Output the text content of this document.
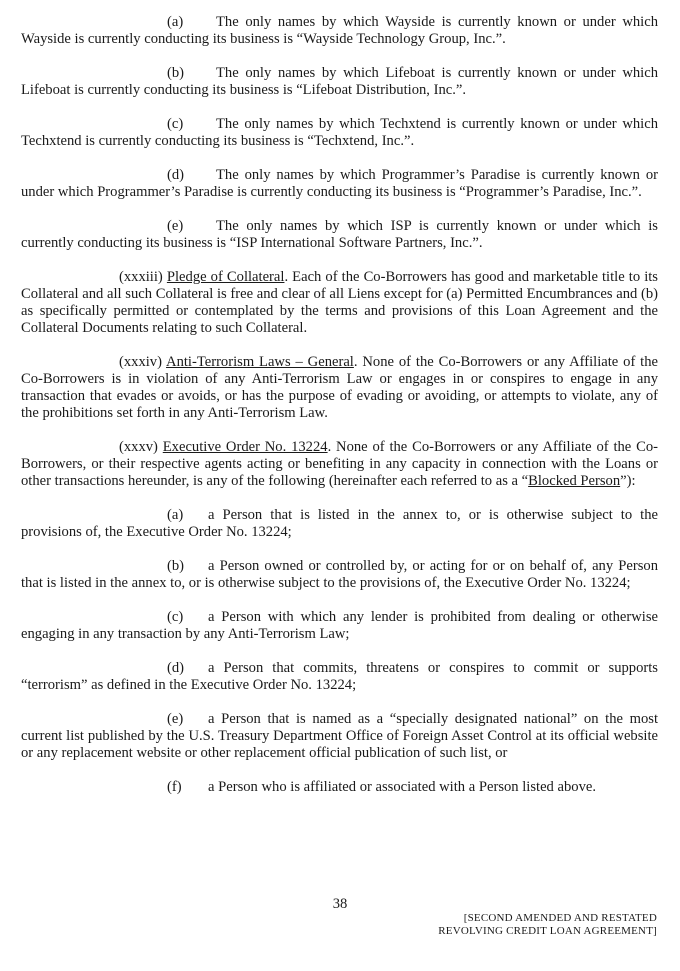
(a) The only names by which Wayside is currently known or under which Wayside is currently conducting its business is “Wayside Technology Group, Inc.”.

(b) The only names by which Lifeboat is currently known or under which Lifeboat is currently conducting its business is “Lifeboat Distribution, Inc.”.

(c) The only names by which Techxtend is currently known or under which Techxtend is currently conducting its business is “Techxtend, Inc.”.

(d) The only names by which Programmer’s Paradise is currently known or under which Programmer’s Paradise is currently conducting its business is “Programmer’s Paradise, Inc.”.

(e) The only names by which ISP is currently known or under which is currently conducting its business is “ISP International Software Partners, Inc.”.

(xxxiii) Pledge of Collateral. Each of the Co-Borrowers has good and marketable title to its Collateral and all such Collateral is free and clear of all Liens except for (a) Permitted Encumbrances and (b) as specifically permitted or contemplated by the terms and provisions of this Loan Agreement and the Collateral Documents relating to such Collateral.

(xxxiv) Anti-Terrorism Laws – General. None of the Co-Borrowers or any Affiliate of the Co-Borrowers is in violation of any Anti-Terrorism Law or engages in or conspires to engage in any transaction that evades or avoids, or has the purpose of evading or avoiding, or attempts to violate, any of the prohibitions set forth in any Anti-Terrorism Law.

(xxxv) Executive Order No. 13224. None of the Co-Borrowers or any Affiliate of the Co-Borrowers, or their respective agents acting or benefiting in any capacity in connection with the Loans or other transactions hereunder, is any of the following (hereinafter each referred to as a “Blocked Person”):

(a) a Person that is listed in the annex to, or is otherwise subject to the provisions of, the Executive Order No. 13224;

(b) a Person owned or controlled by, or acting for or on behalf of, any Person that is listed in the annex to, or is otherwise subject to the provisions of, the Executive Order No. 13224;

(c) a Person with which any lender is prohibited from dealing or otherwise engaging in any transaction by any Anti-Terrorism Law;

(d) a Person that commits, threatens or conspires to commit or supports “terrorism” as defined in the Executive Order No. 13224;

(e) a Person that is named as a “specially designated national” on the most current list published by the U.S. Treasury Department Office of Foreign Asset Control at its official website or any replacement website or other replacement official publication of such list, or

(f) a Person who is affiliated or associated with a Person listed above.

38
[SECOND AMENDED AND RESTATED
REVOLVING CREDIT LOAN AGREEMENT]
